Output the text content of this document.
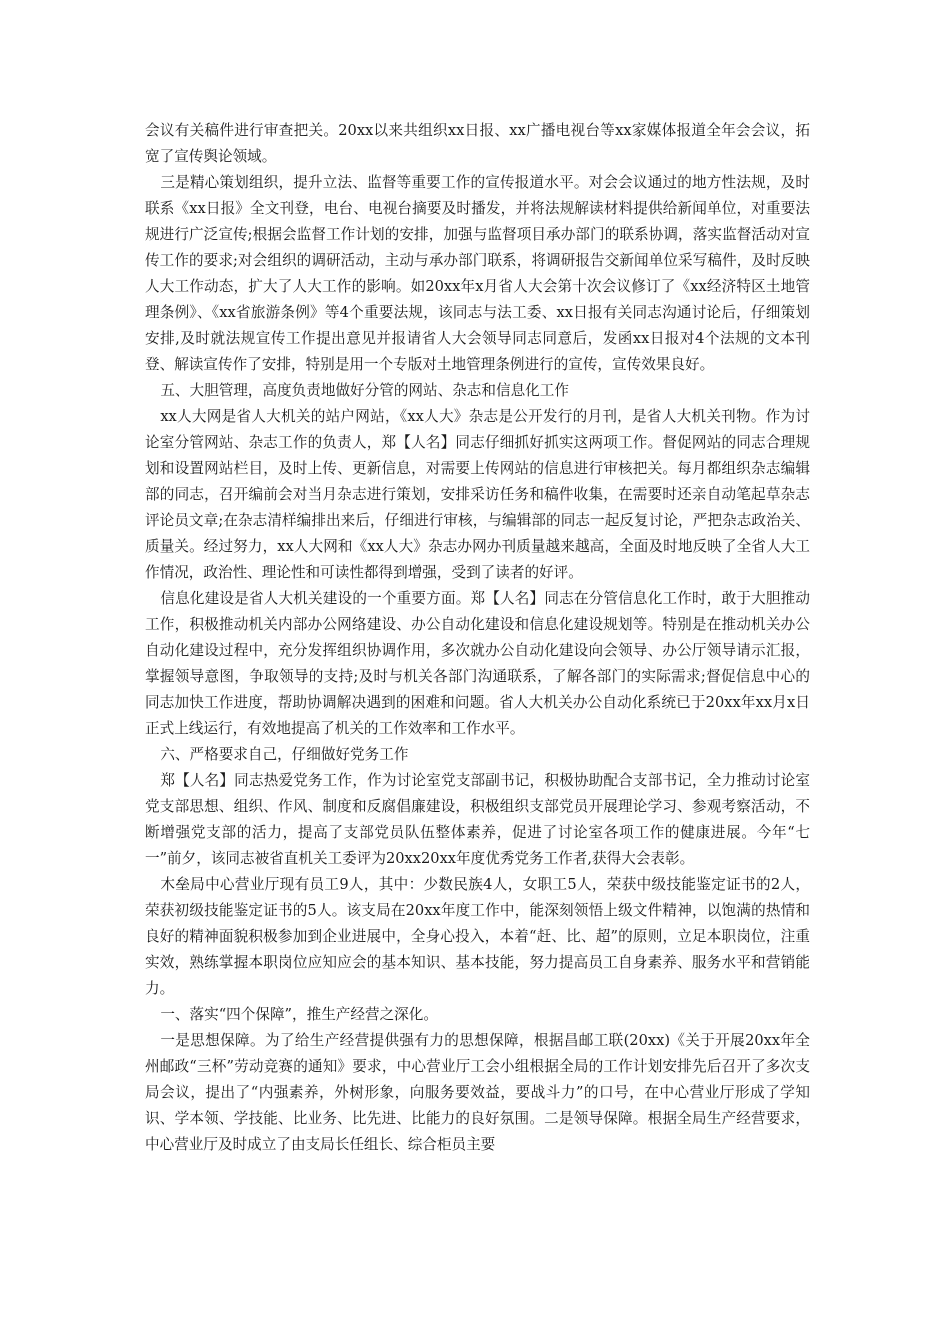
会议有关稿件进行审查把关。20xx以来共组织xx日报、xx广播电视台等xx家媒体报道全年会会议，拓宽了宣传舆论领域。

三是精心策划组织，提升立法、监督等重要工作的宣传报道水平。对会会议通过的地方性法规，及时联系《xx日报》全文刊登，电台、电视台摘要及时播发，并将法规解读材料提供给新闻单位，对重要法规进行广泛宣传;根据会监督工作计划的安排，加强与监督项目承办部门的联系协调，落实监督活动对宣传工作的要求;对会组织的调研活动，主动与承办部门联系，将调研报告交新闻单位采写稿件，及时反映人大工作动态，扩大了人大工作的影响。如20xx年x月省人大会第十次会议修订了《xx经济特区土地管理条例》、《xx省旅游条例》等4个重要法规，该同志与法工委、xx日报有关同志沟通讨论后，仔细策划安排,及时就法规宣传工作提出意见并报请省人大会领导同志同意后，发函xx日报对4个法规的文本刊登、解读宣传作了安排，特别是用一个专版对土地管理条例进行的宣传，宣传效果良好。

五、大胆管理，高度负责地做好分管的网站、杂志和信息化工作

xx人大网是省人大机关的站户网站，《xx人大》杂志是公开发行的月刊，是省人大机关刊物。作为讨论室分管网站、杂志工作的负责人，郑【人名】同志仔细抓好抓实这两项工作。督促网站的同志合理规划和设置网站栏目，及时上传、更新信息，对需要上传网站的信息进行审核把关。每月都组织杂志编辑部的同志，召开编前会对当月杂志进行策划，安排采访任务和稿件收集，在需要时还亲自动笔起草杂志评论员文章;在杂志清样编排出来后，仔细进行审核，与编辑部的同志一起反复讨论，严把杂志政治关、质量关。经过努力，xx人大网和《xx人大》杂志办网办刊质量越来越高，全面及时地反映了全省人大工作情况，政治性、理论性和可读性都得到增强，受到了读者的好评。

信息化建设是省人大机关建设的一个重要方面。郑【人名】同志在分管信息化工作时，敢于大胆推动工作，积极推动机关内部办公网络建设、办公自动化建设和信息化建设规划等。特别是在推动机关办公自动化建设过程中，充分发挥组织协调作用，多次就办公自动化建设向会领导、办公厅领导请示汇报，掌握领导意图，争取领导的支持;及时与机关各部门沟通联系，了解各部门的实际需求;督促信息中心的同志加快工作进度，帮助协调解决遇到的困难和问题。省人大机关办公自动化系统已于20xx年xx月x日正式上线运行，有效地提高了机关的工作效率和工作水平。

六、严格要求自己，仔细做好党务工作

郑【人名】同志热爱党务工作，作为讨论室党支部副书记，积极协助配合支部书记，全力推动讨论室党支部思想、组织、作风、制度和反腐倡廉建设，积极组织支部党员开展理论学习、参观考察活动，不断增强党支部的活力，提高了支部党员队伍整体素养，促进了讨论室各项工作的健康进展。今年“七一”前夕，该同志被省直机关工委评为20xx20xx年度优秀党务工作者,获得大会表彰。

木垒局中心营业厅现有员工9人，其中：少数民族4人，女职工5人，荣获中级技能鉴定证书的2人，荣获初级技能鉴定证书的5人。该支局在20xx年度工作中，能深刻领悟上级文件精神，以饱满的热情和良好的精神面貌积极参加到企业进展中，全身心投入，本着“赶、比、超”的原则，立足本职岗位，注重实效，熟练掌握本职岗位应知应会的基本知识、基本技能，努力提高员工自身素养、服务水平和营销能力。

一、落实“四个保障”，推生产经营之深化。

一是思想保障。为了给生产经营提供强有力的思想保障，根据昌邮工联(20xx)《关于开展20xx年全州邮政“三杯”劳动竞赛的通知》要求，中心营业厅工会小组根据全局的工作计划安排先后召开了多次支局会议，提出了“内强素养，外树形象，向服务要效益，要战斗力”的口号，在中心营业厅形成了学知识、学本领、学技能、比业务、比先进、比能力的良好氛围。二是领导保障。根据全局生产经营要求，中心营业厅及时成立了由支局长任组长、综合柜员主要
